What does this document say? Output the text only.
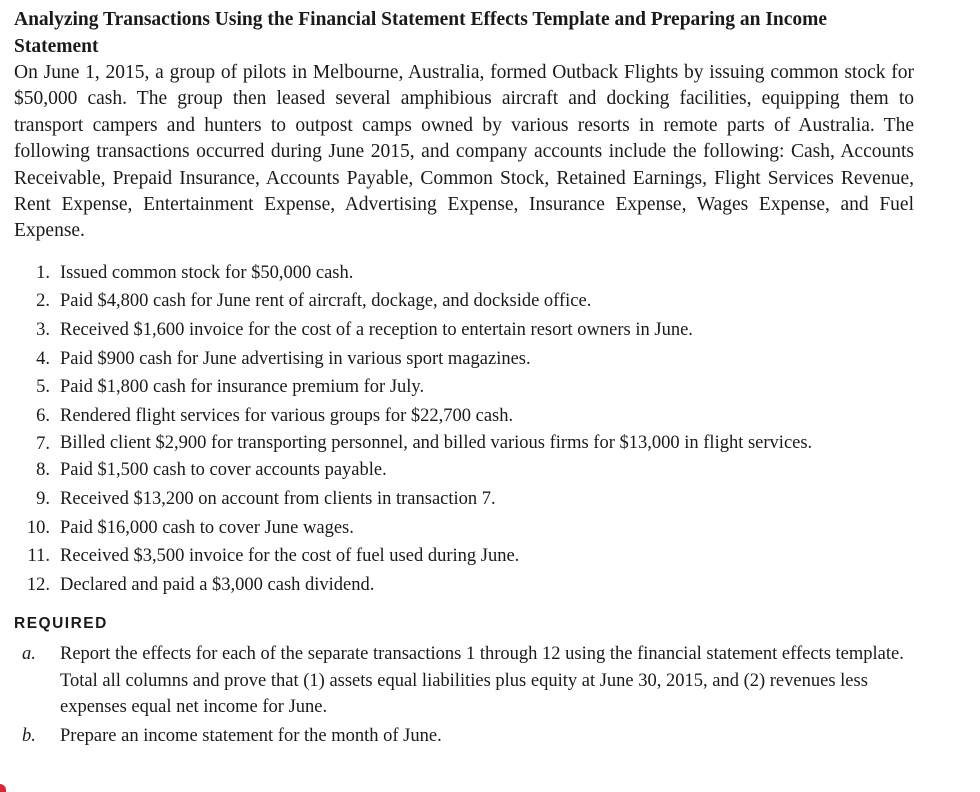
Analyzing Transactions Using the Financial Statement Effects Template and Preparing an Income Statement

On June 1, 2015, a group of pilots in Melbourne, Australia, formed Outback Flights by issuing common stock for $50,000 cash. The group then leased several amphibious aircraft and docking facilities, equipping them to transport campers and hunters to outpost camps owned by various resorts in remote parts of Australia. The following transactions occurred during June 2015, and company accounts include the following: Cash, Accounts Receivable, Prepaid Insurance, Accounts Payable, Common Stock, Retained Earnings, Flight Services Revenue, Rent Expense, Entertainment Expense, Advertising Expense, Insurance Expense, Wages Expense, and Fuel Expense.

1. Issued common stock for $50,000 cash.
2. Paid $4,800 cash for June rent of aircraft, dockage, and dockside office.
3. Received $1,600 invoice for the cost of a reception to entertain resort owners in June.
4. Paid $900 cash for June advertising in various sport magazines.
5. Paid $1,800 cash for insurance premium for July.
6. Rendered flight services for various groups for $22,700 cash.
7. Billed client $2,900 for transporting personnel, and billed various firms for $13,000 in flight services.
8. Paid $1,500 cash to cover accounts payable.
9. Received $13,200 on account from clients in transaction 7.
10. Paid $16,000 cash to cover June wages.
11. Received $3,500 invoice for the cost of fuel used during June.
12. Declared and paid a $3,000 cash dividend.
REQUIRED
a. Report the effects for each of the separate transactions 1 through 12 using the financial statement effects template. Total all columns and prove that (1) assets equal liabilities plus equity at June 30, 2015, and (2) revenues less expenses equal net income for June.
b. Prepare an income statement for the month of June.
